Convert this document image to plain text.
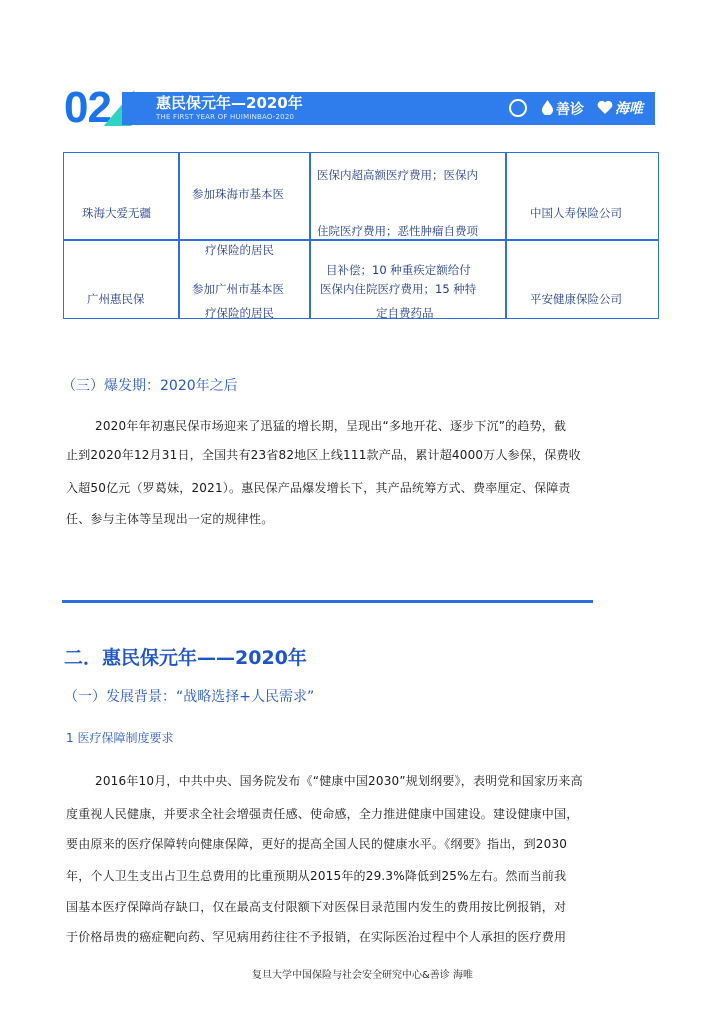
02	惠民保元年—2020年
THE FIRST YEAR OF HUIMINBAO-2020	善诊 海唯
珠海大爱无疆
参加珠海市基本医
医保内超高额医疗费用；医保内
住院医疗费用；恶性肿瘤自费项
中国人寿保险公司
广州惠民保
疗保险的居民
参加广州市基本医
疗保险的居民
目补偿；10 种重疾定额给付
医保内住院医疗费用；15 种特
定自费药品
平安健康保险公司
（三）爆发期：2020年之后
2020年年初惠民保市场迎来了迅猛的增长期，呈现出“多地开花、逐步下沉”的趋势，截
止到2020年12月31日，全国共有23省82地区上线111款产品，累计超4000万人参保，保费收
入超50亿元（罗葛妹，2021）。惠民保产品爆发增长下，其产品统筹方式、费率厘定、保障责
任、参与主体等呈现出一定的规律性。
二．惠民保元年——2020年
（一）发展背景：“战略选择+人民需求”
1 医疗保障制度要求
2016年10月，中共中央、国务院发布《“健康中国2030”规划纲要》，表明党和国家历来高
度重视人民健康，并要求全社会增强责任感、使命感，全力推进健康中国建设。建设健康中国，
要由原来的医疗保障转向健康保障，更好的提高全国人民的健康水平。《纲要》指出，到2030
年，个人卫生支出占卫生总费用的比重预期从2015年的29.3%降低到25%左右。然而当前我
国基本医疗保障尚存缺口，仅在最高支付限额下对医保目录范围内发生的费用按比例报销，对
于价格昂贵的癌症靶向药、罕见病用药往往不予报销，在实际医治过程中个人承担的医疗费用
复旦大学中国保险与社会安全研究中心&善诊 海唯
